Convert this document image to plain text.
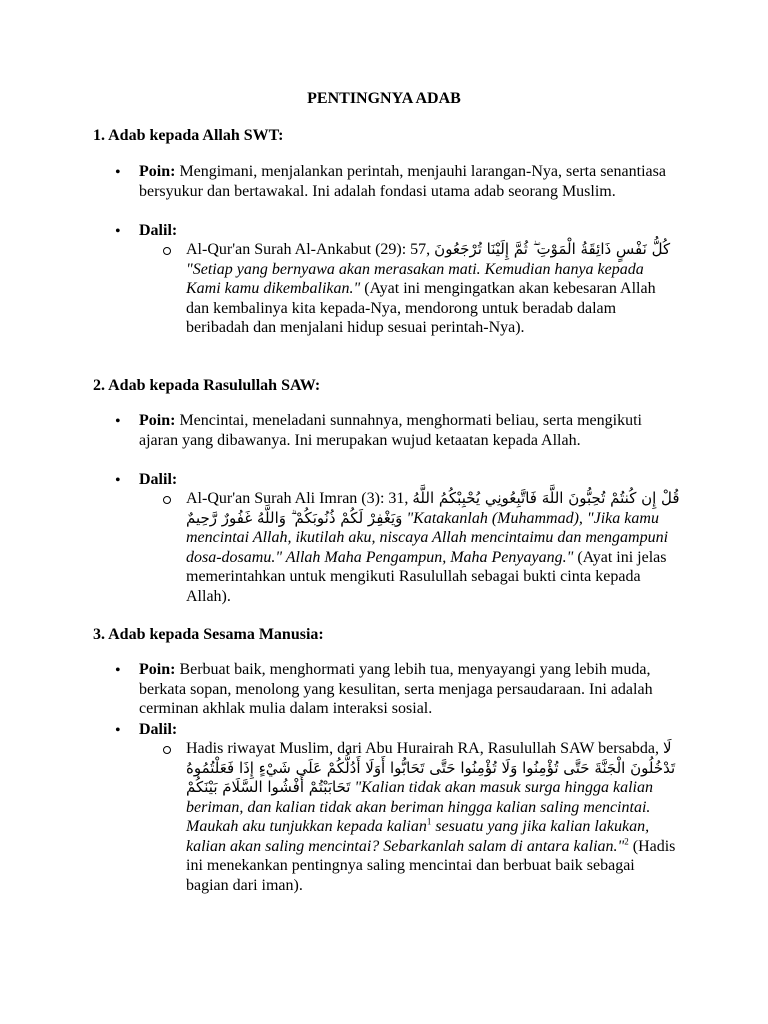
PENTINGNYA ADAB
1. Adab kepada Allah SWT:
• Poin: Mengimani, menjalankan perintah, menjauhi larangan-Nya, serta senantiasa bersyukur dan bertawakal. Ini adalah fondasi utama adab seorang Muslim.
• Dalil:
Al-Qur'an Surah Al-Ankabut (29): 57, كُلُّ نَفْسٍ ذَائِقَةُ الْمَوْتِ ۖ ثُمَّ إِلَيْنَا تُرْجَعُونَ "Setiap yang bernyawa akan merasakan mati. Kemudian hanya kepada Kami kamu dikembalikan." (Ayat ini mengingatkan akan kebesaran Allah dan kembalinya kita kepada-Nya, mendorong untuk beradab dalam beribadah dan menjalani hidup sesuai perintah-Nya).
2. Adab kepada Rasulullah SAW:
• Poin: Mencintai, meneladani sunnahnya, menghormati beliau, serta mengikuti ajaran yang dibawanya. Ini merupakan wujud ketaatan kepada Allah.
• Dalil:
Al-Qur'an Surah Ali Imran (3): 31, قُلْ إِن كُنتُمْ تُحِبُّونَ اللَّهَ فَاتَّبِعُونِي يُحْبِبْكُمُ اللَّهُ وَيَغْفِرْ لَكُمْ ذُنُوبَكُمْ ۗ وَاللَّهُ غَفُورٌ رَّحِيمٌ "Katakanlah (Muhammad), "Jika kamu mencintai Allah, ikutilah aku, niscaya Allah mencintaimu dan mengampuni dosa-dosamu." Allah Maha Pengampun, Maha Penyayang." (Ayat ini jelas memerintahkan untuk mengikuti Rasulullah sebagai bukti cinta kepada Allah).
3. Adab kepada Sesama Manusia:
• Poin: Berbuat baik, menghormati yang lebih tua, menyayangi yang lebih muda, berkata sopan, menolong yang kesulitan, serta menjaga persaudaraan. Ini adalah cerminan akhlak mulia dalam interaksi sosial.
• Dalil:
Hadis riwayat Muslim, dari Abu Hurairah RA, Rasulullah SAW bersabda, لَا تَدْخُلُونَ الْجَنَّةَ حَتَّى تُؤْمِنُوا وَلَا تُؤْمِنُوا حَتَّى تَحَابُّوا أَوَلَا أَدُلُّكُمْ عَلَى شَيْءٍ إِذَا فَعَلْتُمُوهُ تَحَابَبْتُمْ أَفْشُوا السَّلَامَ بَيْنَكُمْ "Kalian tidak akan masuk surga hingga kalian beriman, dan kalian tidak akan beriman hingga kalian saling mencintai. Maukah aku tunjukkan kepada kalian$^1$ sesuatu yang jika kalian lakukan, kalian akan saling mencintai? Sebarkanlah salam di antara kalian."$^2$ (Hadis ini menekankan pentingnya saling mencintai dan berbuat baik sebagai bagian dari iman).
